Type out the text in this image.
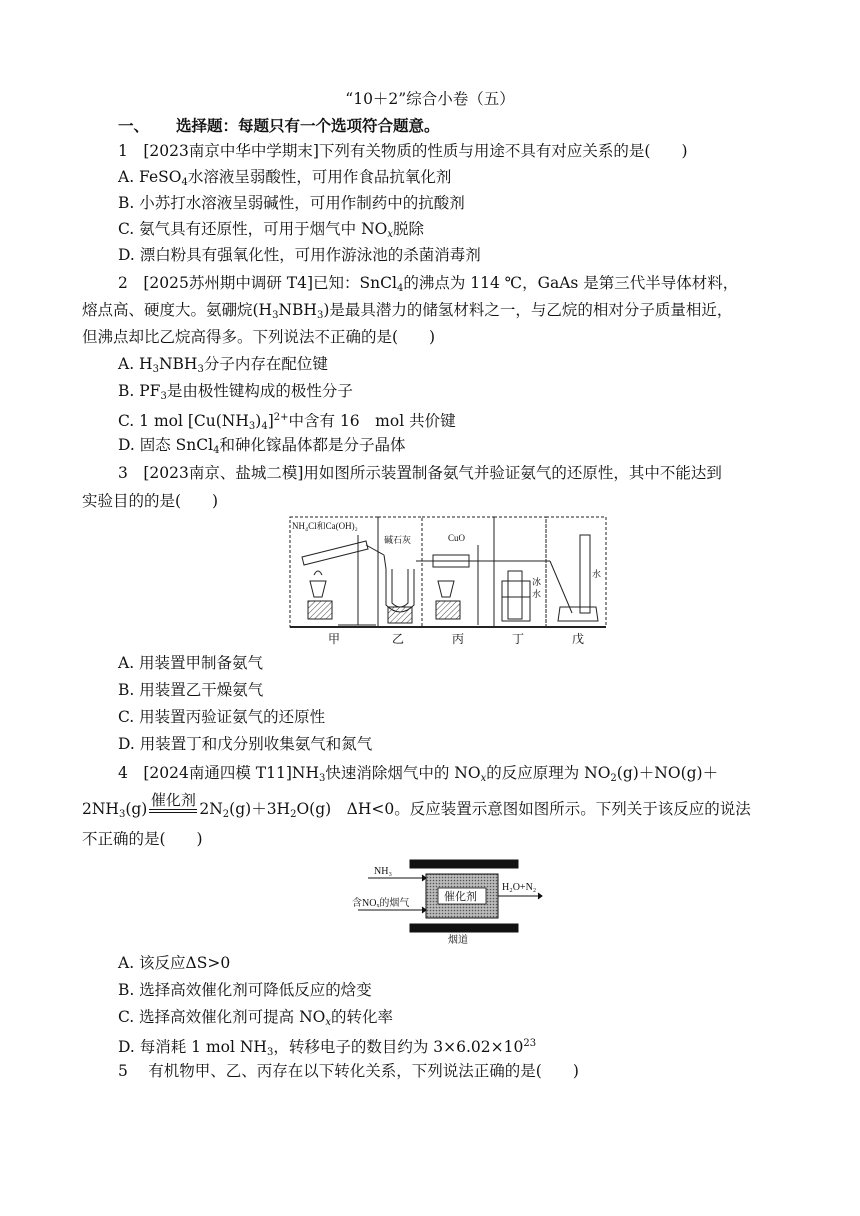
“10＋2”综合小卷（五）
一、 选择题：每题只有一个选项符合题意。
1　[2023南京中华中学期末]下列有关物质的性质与用途不具有对应关系的是(　　)
A. FeSO$_4$水溶液呈弱酸性，可用作食品抗氧化剂
B. 小苏打水溶液呈弱碱性，可用作制药中的抗酸剂
C. 氨气具有还原性，可用于烟气中 $NO_x$脱除
D. 漂白粉具有强氧化性，可用作游泳池的杀菌消毒剂
2　[2025苏州期中调研 T4]已知：SnCl$_4$的沸点为 114 ℃，GaAs 是第三代半导体材料，
熔点高、硬度大。氨硼烷$(H_3NBH_3)$是最具潜力的储氢材料之一，与乙烷的相对分子质量相近，
但沸点却比乙烷高得多。下列说法不正确的是(　　)
A. $H_3NBH_3$分子内存在配位键
B. $PF_3$是由极性键构成的极性分子
C. 1 mol $[Cu(NH_3)_4]^{2+}$中含有 16　mol 共价键
D. 固态 SnCl$_4$和砷化镓晶体都是分子晶体
3　[2023南京、盐城二模]用如图所示装置制备氨气并验证氨气的还原性，其中不能达到
实验目的的是(　　)
NH₄Cl和Ca(OH)₂
碱石灰	CuO
冰
水
水
甲	乙	丙	丁	戊
A. 用装置甲制备氨气
B. 用装置乙干燥氨气
C. 用装置丙验证氨气的还原性
D. 用装置丁和戊分别收集氨气和氮气
4　[2024南通四模 $T11]NH_3$快速消除烟气中的 $NO_x$的反应原理为 $NO_2(g)+NO(g)+$
$2NH_3(g)$ 催化剂 $2N_2(g)+3H_2O(g)$　ΔH<0。反应装置示意图如图所示。下列关于该反应的说法
不正确的是(　　)
NH₃
含NOₓ的烟气
催化剂
H₂O+N₂
烟道
A. 该反应ΔS>0
B. 选择高效催化剂可降低反应的焓变
C. 选择高效催化剂可提高 $NO_x$的转化率
D. 每消耗 1 mol $NH_3$，转移电子的数目约为 $3\times 6.02\times 10^{23}$
5　 有机物甲、乙、丙存在以下转化关系，下列说法正确的是(　　)
